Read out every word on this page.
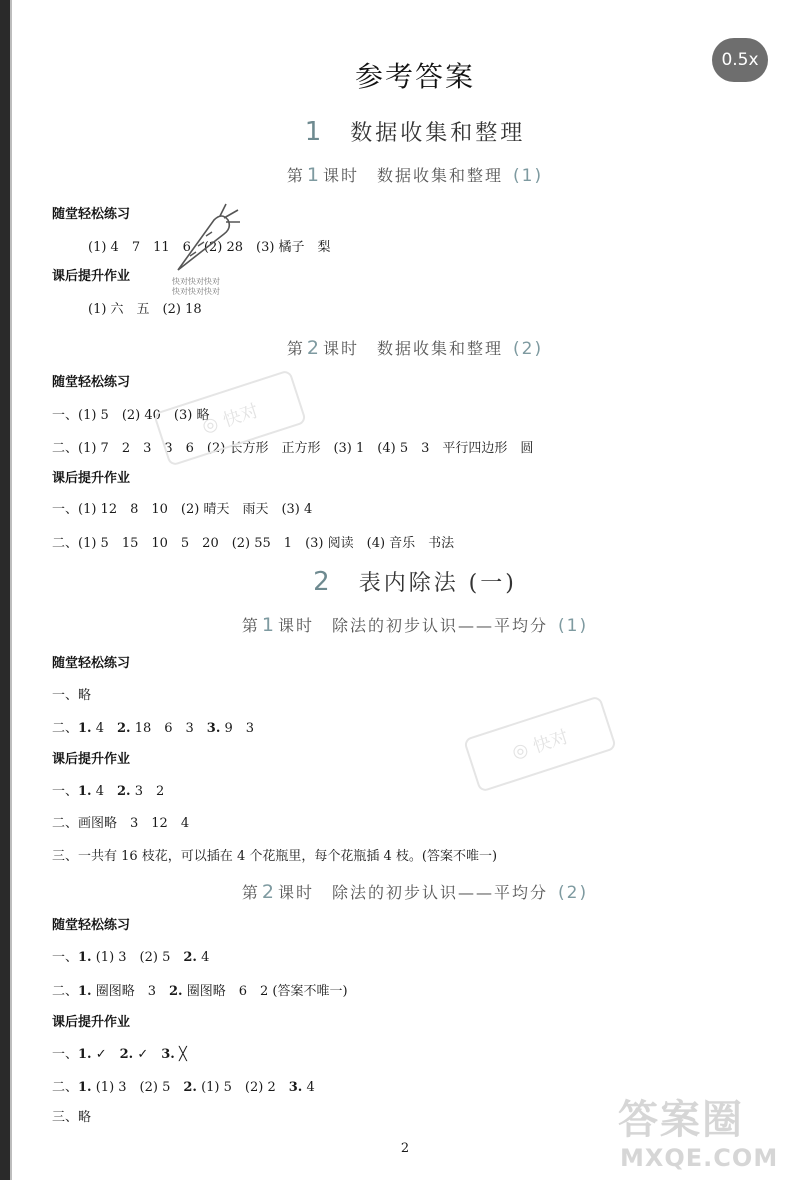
0.5x
参考答案
1 数据收集和整理
第 1 课时　 数据收集和整理 (1)
随堂轻松练习
(1) 4　7　11　6　(2) 28　(3) 橘子　梨
快对快对快对
快对快对快对
课后提升作业
(1) 六　五　(2) 18
第 2 课时　 数据收集和整理 (2)
随堂轻松练习
一、(1) 5　(2) 40　(3) 略
二、(1) 7　2　3　3　6　(2) 长方形　正方形　(3) 1　(4) 5　3　平行四边形　圆
◎ 快对
课后提升作业
一、(1) 12　8　10　(2) 晴天　雨天　(3) 4
二、(1) 5　15　10　5　20　(2) 55　1　(3) 阅读　(4) 音乐　书法
2 表内除法 (一)
第 1 课时　 除法的初步认识——平均分 (1)
随堂轻松练习
一、略
二、1. 4　2. 18　6　3　3. 9　3
◎ 快对
课后提升作业
一、1. 4　2. 3　2
二、画图略　3　12　4
三、一共有 16 枝花，可以插在 4 个花瓶里，每个花瓶插 4 枝。(答案不唯一)
第 2 课时　 除法的初步认识——平均分 (2)
随堂轻松练习
一、1. (1) 3　(2) 5　2. 4
二、1. 圈图略　3　2. 圈图略　6　2 (答案不唯一)
课后提升作业
一、1. ✓　2. ✓　3. ╳
二、1. (1) 3　(2) 5　2. (1) 5　(2) 2　3. 4
三、略
2
答案圈
MXQE.COM
